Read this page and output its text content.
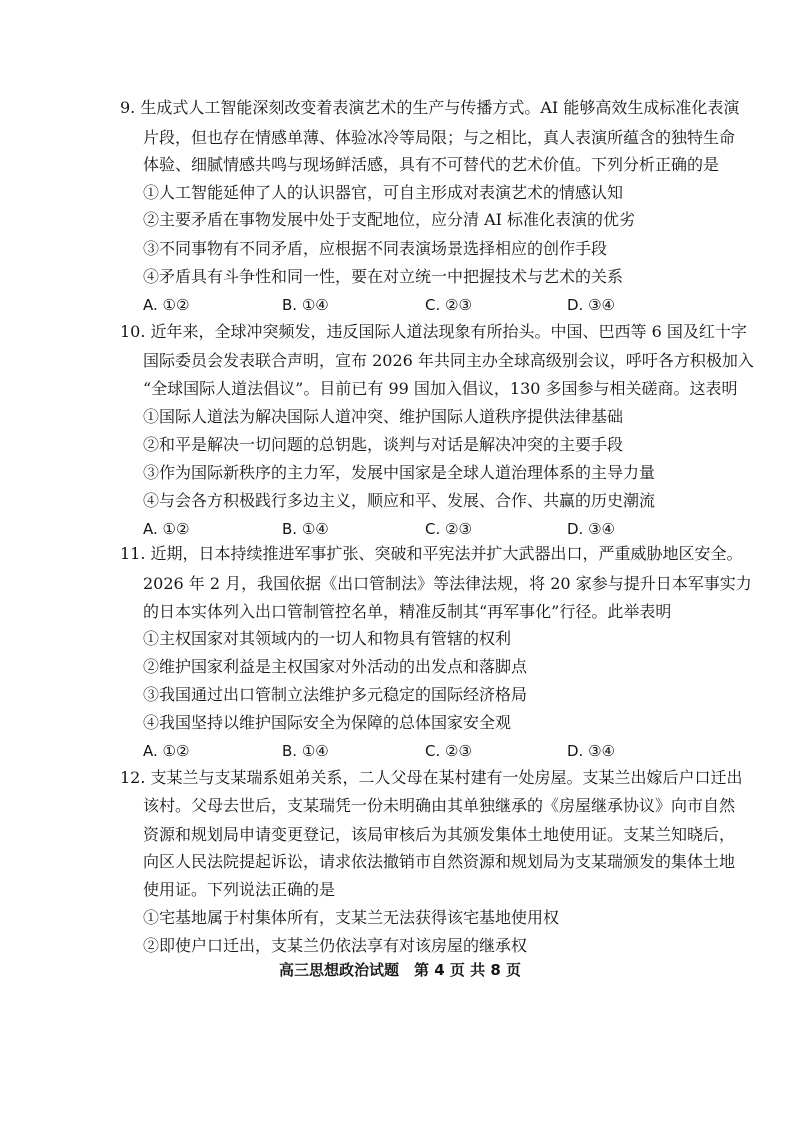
9. 生成式人工智能深刻改变着表演艺术的生产与传播方式。AI 能够高效生成标准化表演
片段，但也存在情感单薄、体验冰冷等局限；与之相比，真人表演所蕴含的独特生命
体验、细腻情感共鸣与现场鲜活感，具有不可替代的艺术价值。下列分析正确的是
①人工智能延伸了人的认识器官，可自主形成对表演艺术的情感认知
②主要矛盾在事物发展中处于支配地位，应分清 AI 标准化表演的优劣
③不同事物有不同矛盾，应根据不同表演场景选择相应的创作手段
④矛盾具有斗争性和同一性，要在对立统一中把握技术与艺术的关系
A. ①②	B. ①④	C. ②③	D. ③④
10. 近年来，全球冲突频发，违反国际人道法现象有所抬头。中国、巴西等 6 国及红十字
国际委员会发表联合声明，宣布 2026 年共同主办全球高级别会议，呼吁各方积极加入
“全球国际人道法倡议”。目前已有 99 国加入倡议，130 多国参与相关磋商。这表明
①国际人道法为解决国际人道冲突、维护国际人道秩序提供法律基础
②和平是解决一切问题的总钥匙，谈判与对话是解决冲突的主要手段
③作为国际新秩序的主力军，发展中国家是全球人道治理体系的主导力量
④与会各方积极践行多边主义，顺应和平、发展、合作、共赢的历史潮流
A. ①②	B. ①④	C. ②③	D. ③④
11. 近期，日本持续推进军事扩张、突破和平宪法并扩大武器出口，严重威胁地区安全。
2026 年 2 月，我国依据《出口管制法》等法律法规，将 20 家参与提升日本军事实力
的日本实体列入出口管制管控名单，精准反制其“再军事化”行径。此举表明
①主权国家对其领域内的一切人和物具有管辖的权利
②维护国家利益是主权国家对外活动的出发点和落脚点
③我国通过出口管制立法维护多元稳定的国际经济格局
④我国坚持以维护国际安全为保障的总体国家安全观
A. ①②	B. ①④	C. ②③	D. ③④
12. 支某兰与支某瑞系姐弟关系，二人父母在某村建有一处房屋。支某兰出嫁后户口迁出
该村。父母去世后，支某瑞凭一份未明确由其单独继承的《房屋继承协议》向市自然
资源和规划局申请变更登记，该局审核后为其颁发集体土地使用证。支某兰知晓后，
向区人民法院提起诉讼，请求依法撤销市自然资源和规划局为支某瑞颁发的集体土地
使用证。下列说法正确的是
①宅基地属于村集体所有，支某兰无法获得该宅基地使用权
②即使户口迁出，支某兰仍依法享有对该房屋的继承权
高三思想政治试题　第 4 页 共 8 页
